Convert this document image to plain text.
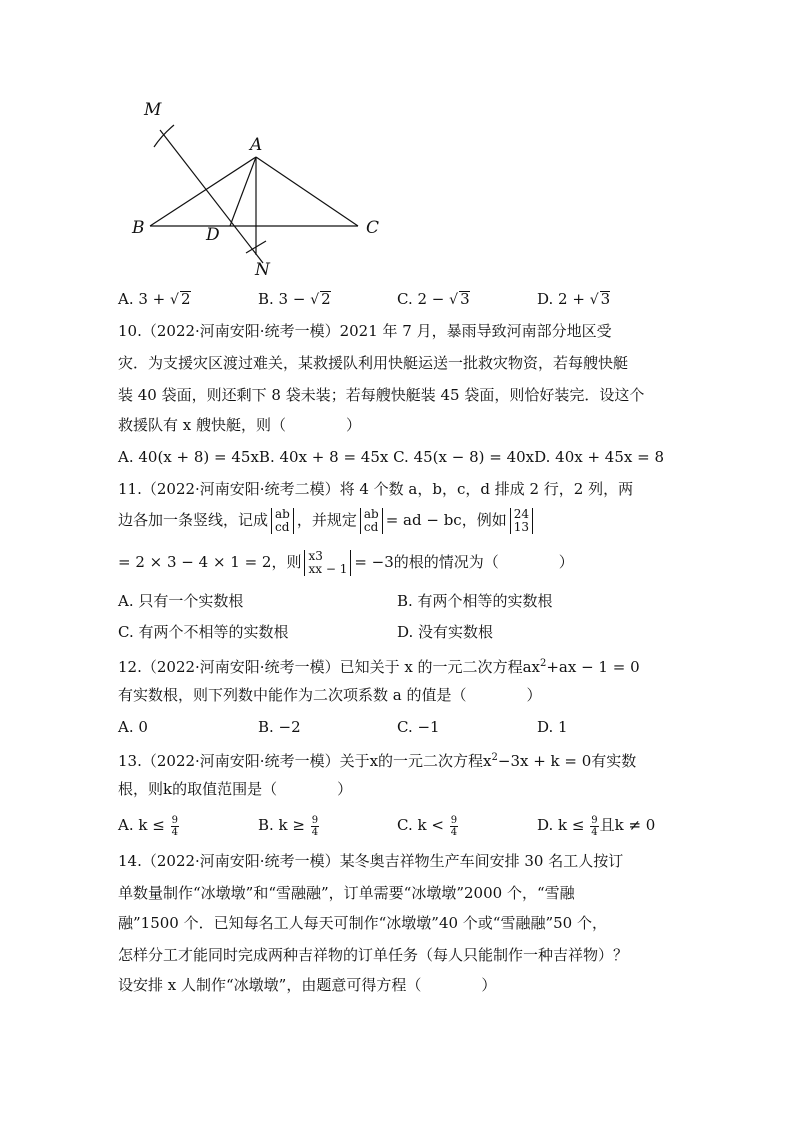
M
A
B	C
D
N
A. 3 + √ 2	B. 3 − √ 2	C. 2 − √ 3	D. 2 + √ 3
10.（2022·河南安阳·统考一模）2021 年 7 月，暴雨导致河南部分地区受
灾．为支援灾区渡过难关，某救援队利用快艇运送一批救灾物资，若每艘快艇
装 40 袋面，则还剩下 8 袋未装；若每艘快艇装 45 袋面，则恰好装完．设这个
救援队有 x 艘快艇，则（　　　　）
A. 40(x + 8) = 45xB. 40x + 8 = 45x C. 45(x − 8) = 40xD. 40x + 45x = 8
11.（2022·河南安阳·统考二模）将 4 个数 a，b，c，d 排成 2 行，2 列，两
边各加一条竖线，记成 ab
cd ，并规定 ab
cd = ad − bc，例如 24
13
= 2 × 3 − 4 × 1 = 2，则 x3
xx − 1 = −3的根的情况为（　　　　）
A. 只有一个实数根	B. 有两个相等的实数根
C. 有两个不相等的实数根	D. 没有实数根
12.（2022·河南安阳·统考一模）已知关于 x 的一元二次方程$ax^2+ax - 1 = 0$
有实数根，则下列数中能作为二次项系数 a 的值是（　　　　）
A. 0	B. −2	C. −1	D. 1
13.（2022·河南安阳·统考一模）关于x的一元二次方程$x^2-3x + k = 0$有实数
根，则k的取值范围是（　　　　）
A. $k \le \frac{9}{4}$	B. $k \ge \frac{9}{4}$	C. $k < \frac{9}{4}$	D. $k \le \frac{9}{4}$ 且k ≠ 0
14.（2022·河南安阳·统考一模）某冬奥吉祥物生产车间安排 30 名工人按订
单数量制作“冰墩墩”和“雪融融”，订单需要“冰墩墩”2000 个，“雪融
融”1500 个．已知每名工人每天可制作“冰墩墩”40 个或“雪融融”50 个，
怎样分工才能同时完成两种吉祥物的订单任务（每人只能制作一种吉祥物）？
设安排 x 人制作“冰墩墩”，由题意可得方程（　　　　）
